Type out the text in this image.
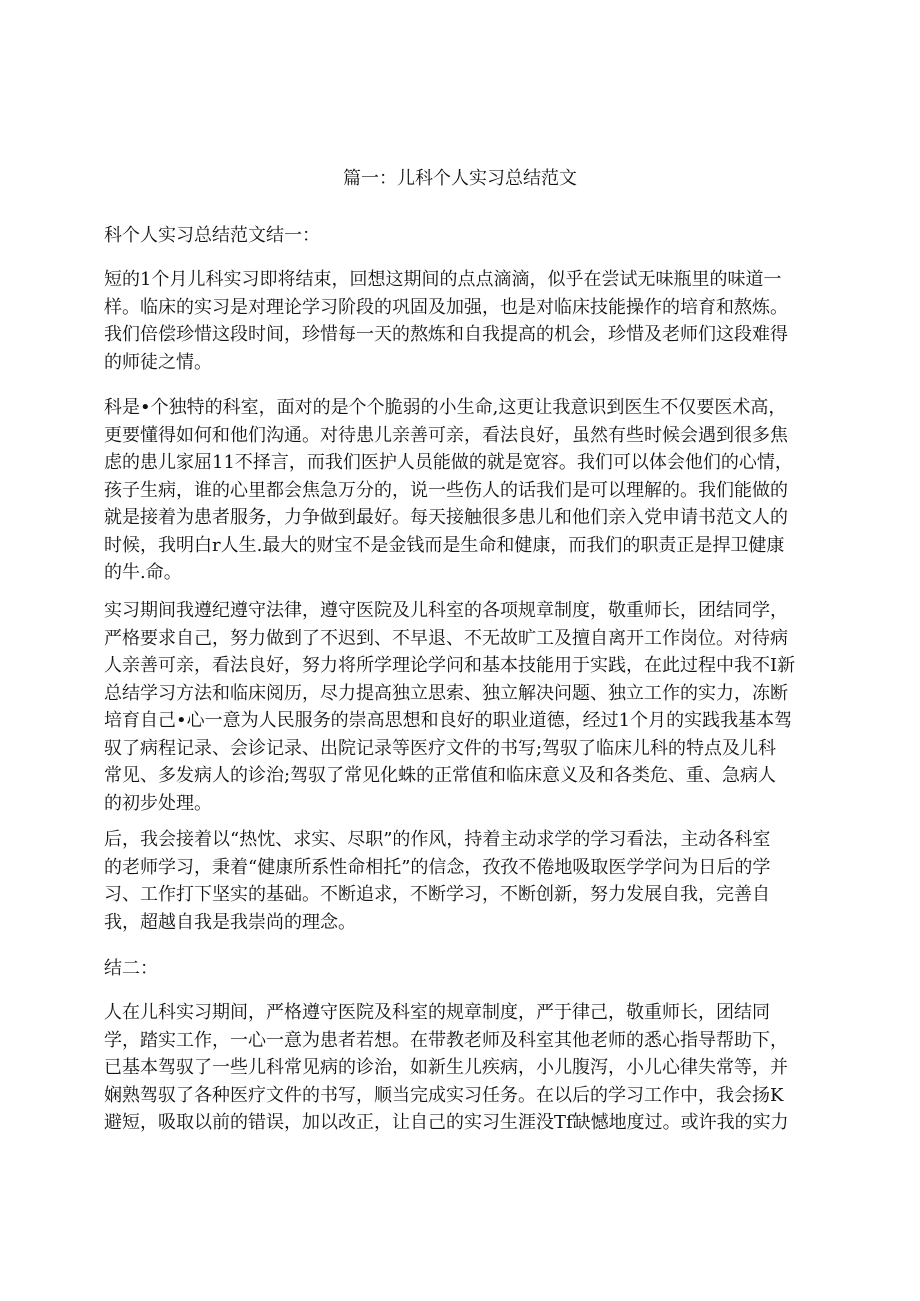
篇一：儿科个人实习总结范文
科个人实习总结范文结一：
短的1个月儿科实习即将结束，回想这期间的点点滴滴，似乎在尝试无味瓶里的味道一
样。临床的实习是对理论学习阶段的巩固及加强，也是对临床技能操作的培育和熬炼。
我们倍偿珍惜这段时间，珍惜每一天的熬炼和自我提高的机会，珍惜及老师们这段难得
的师徒之情。
科是•个独特的科室，面对的是个个脆弱的小生命,这更让我意识到医生不仅要医术高，
更要懂得如何和他们沟通。对待患儿亲善可亲，看法良好，虽然有些时候会遇到很多焦
虑的患儿家屈11不择言，而我们医护人员能做的就是宽容。我们可以体会他们的心情，
孩子生病，谁的心里都会焦急万分的，说一些伤人的话我们是可以理解的。我们能做的
就是接着为患者服务，力争做到最好。每天接触很多患儿和他们亲入党申请书范文人的
时候，我明白r人生.最大的财宝不是金钱而是生命和健康，而我们的职责正是捍卫健康
的牛.命。
实习期间我遵纪遵守法律，遵守医院及儿科室的各项规章制度，敬重师长，团结同学，
严格要求自己，努力做到了不迟到、不早退、不无故旷工及擅自离开工作岗位。对待病
人亲善可亲，看法良好，努力将所学理论学问和基本技能用于实践，在此过程中我不I新
总结学习方法和临床阅历，尽力提高独立思索、独立解决问题、独立工作的实力，冻断
培育自己•心一意为人民服务的崇高思想和良好的职业道德，经过1个月的实践我基本驾
驭了病程记录、会诊记录、出院记录等医疗文件的书写;驾驭了临床儿科的特点及儿科
常见、多发病人的诊治;驾驭了常见化蛛的正常值和临床意义及和各类危、重、急病人
的初步处理。
后，我会接着以“热忱、求实、尽职”的作风，持着主动求学的学习看法，主动各科室
的老师学习，秉着“健康所系性命相托”的信念，孜孜不倦地吸取医学学问为日后的学
习、工作打下坚实的基础。不断追求，不断学习，不断创新，努力发展自我，完善自
我，超越自我是我崇尚的理念。
结二：
人在儿科实习期间，严格遵守医院及科室的规章制度，严于律己，敬重师长，团结同
学，踏实工作，一心一意为患者若想。在带教老师及科室其他老师的悉心指导帮助下，
已基本驾驭了一些儿科常见病的诊治，如新生儿疾病，小儿腹泻，小儿心律失常等，并
娴熟驾驭了各种医疗文件的书写，顺当完成实习任务。在以后的学习工作中，我会扬K
避短，吸取以前的错误，加以改正，让自己的实习生涯没Tf缺憾地度过。或许我的实力
